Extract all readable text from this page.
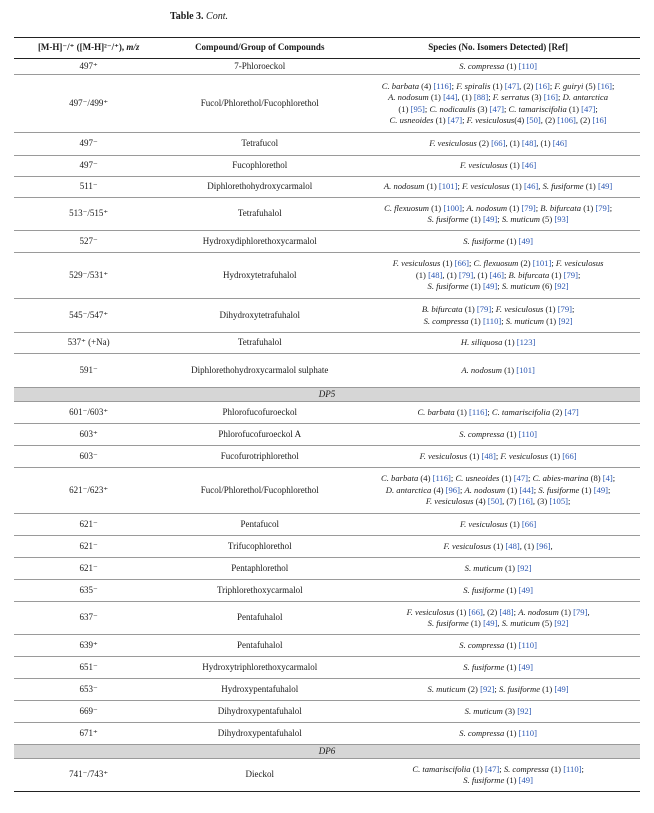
Table 3. Cont.
[M-H]⁻/⁺ ([M-H]²⁻/⁺), m/z	Compound/Group of Compounds	Species (No. Isomers Detected) [Ref]
497⁺	7-Phloroeckol	S. compressa (1) [110]

497⁻/499⁺	Fucol/Phlorethol/Fucophlorethol	C. barbata (4) [116]; F. spiralis (1) [47], (2) [16]; F. guiryi (5) [16];
A. nodosum (1) [44], (1) [88]; F. serratus (3) [16]; D. antarctica
(1) [95]; C. nodicaulis (3) [47]; C. tamariscifolia (1) [47];
C. usneoides (1) [47]; F. vesiculosus(4) [50], (2) [106], (2) [16]

497⁻	Tetrafucol	F. vesiculosus (2) [66], (1) [48], (1) [46]

497⁻	Fucophlorethol	F. vesiculosus (1) [46]

511⁻	Diphlorethohydroxycarmalol	A. nodosum (1) [101]; F. vesiculosus (1) [46], S. fusiforme (1) [49]

513⁻/515⁺	Tetrafuhalol	C. flexuosum (1) [100]; A. nodosum (1) [79]; B. bifurcata (1) [79];
S. fusiforme (1) [49]; S. muticum (5) [93]

527⁻	Hydroxydiphlorethoxycarmalol	S. fusiforme (1) [49]

529⁻/531⁺	Hydroxytetrafuhalol	F. vesiculosus (1) [66]; C. flexuosum (2) [101]; F. vesiculosus
(1) [48], (1) [79], (1) [46]; B. bifurcata (1) [79];
S. fusiforme (1) [49]; S. muticum (6) [92]

545⁻/547⁺	Dihydroxytetrafuhalol	B. bifurcata (1) [79]; F. vesiculosus (1) [79];
S. compressa (1) [110]; S. muticum (1) [92]

537⁺ (+Na)	Tetrafuhalol	H. siliquosa (1) [123]

591⁻	Diphlorethohydroxycarmalol sulphate	A. nodosum (1) [101]

DP5		
601⁻/603⁺	Phlorofucofuroeckol	C. barbata (1) [116]; C. tamariscifolia (2) [47]

603⁺	Phlorofucofuroeckol A	S. compressa (1) [110]

603⁻	Fucofurotriphlorethol	F. vesiculosus (1) [48]; F. vesiculosus (1) [66]

621⁻/623⁺	Fucol/Phlorethol/Fucophlorethol	C. barbata (4) [116]; C. usneoides (1) [47]; C. abies-marina (8) [4];
D. antarctica (4) [96]; A. nodosum (1) [44]; S. fusiforme (1) [49];
F. vesiculosus (4) [50], (7) [16], (3) [105];

621⁻	Pentafucol	F. vesiculosus (1) [66]

621⁻	Trifucophlorethol	F. vesiculosus (1) [48], (1) [96],

621⁻	Pentaphlorethol	S. muticum (1) [92]

635⁻	Triphlorethoxycarmalol	S. fusiforme (1) [49]

637⁻	Pentafuhalol	F. vesiculosus (1) [66], (2) [48]; A. nodosum (1) [79],
S. fusiforme (1) [49], S. muticum (5) [92]

639⁺	Pentafuhalol	S. compressa (1) [110]

651⁻	Hydroxytriphlorethoxycarmalol	S. fusiforme (1) [49]

653⁻	Hydroxypentafuhalol	S. muticum (2) [92]; S. fusiforme (1) [49]

669⁻	Dihydroxypentafuhalol	S. muticum (3) [92]

671⁺	Dihydroxypentafuhalol	S. compressa (1) [110]

DP6		
741⁻/743⁺	Dieckol	C. tamariscifolia (1) [47]; S. compressa (1) [110];
S. fusiforme (1) [49]
